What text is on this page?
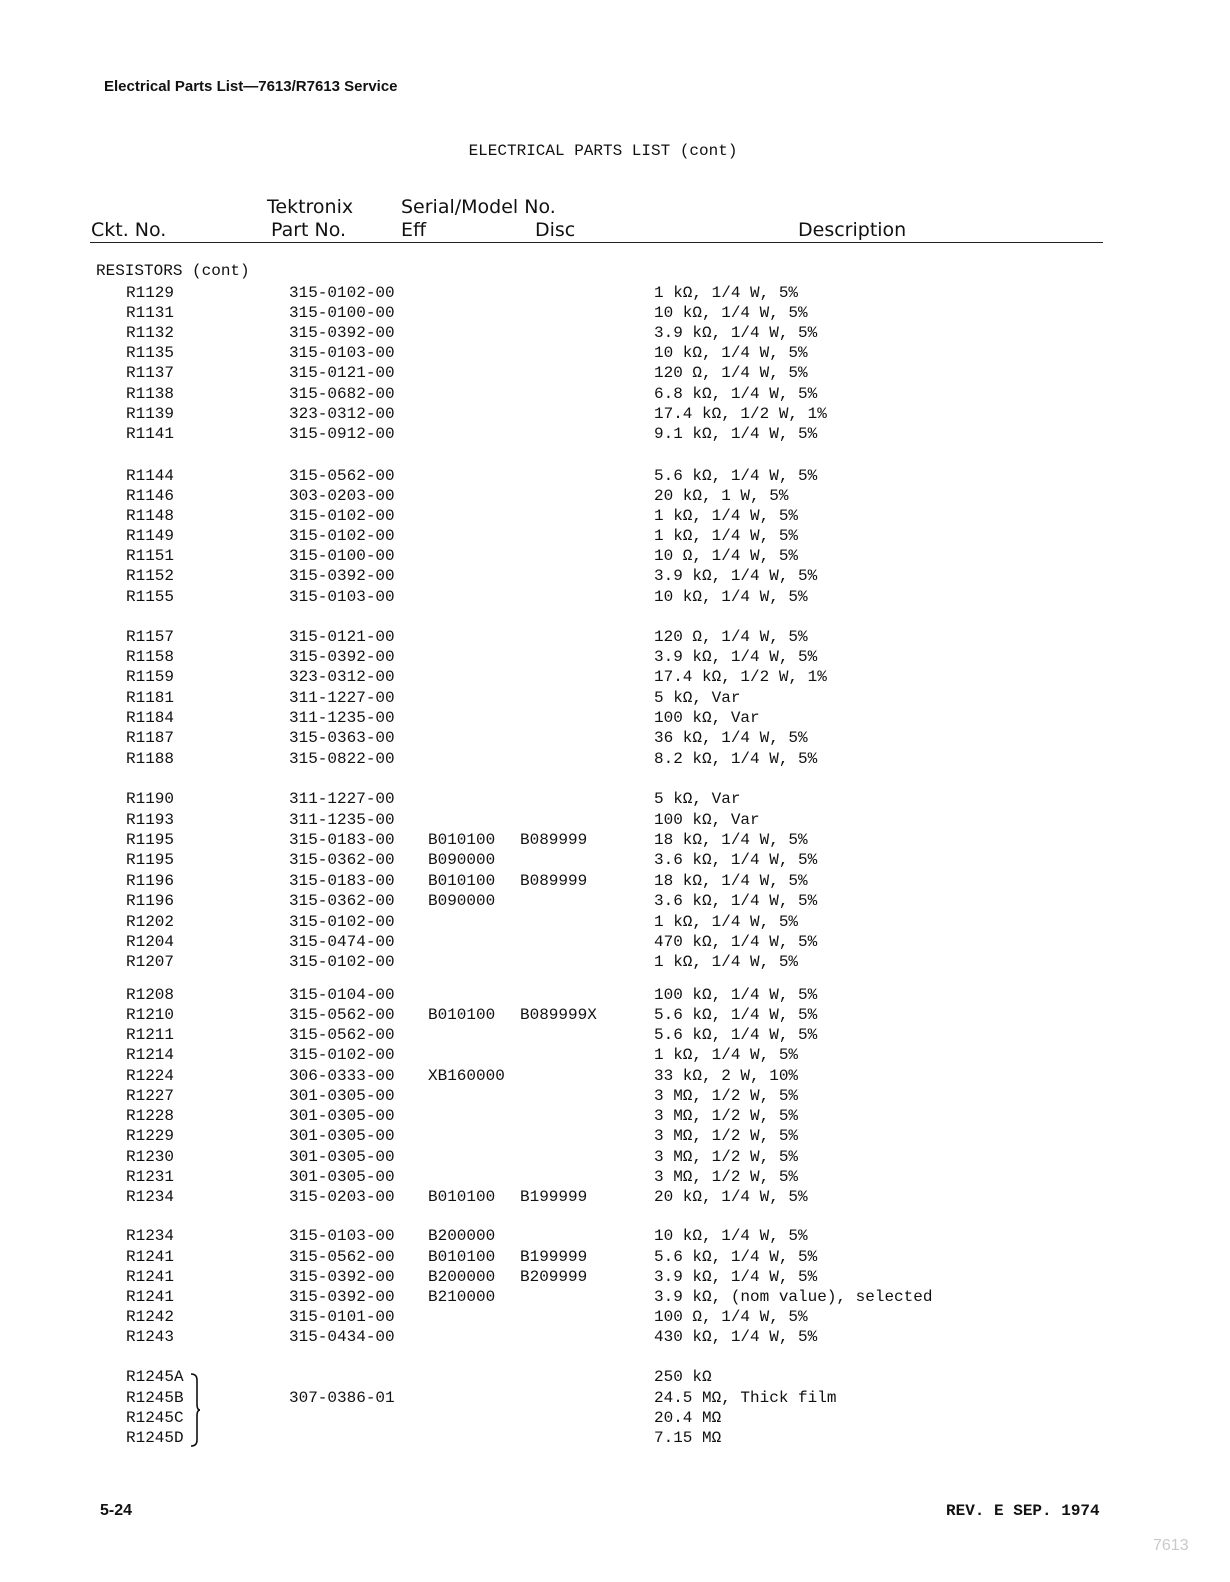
Electrical Parts List—7613/R7613 Service
ELECTRICAL PARTS LIST (cont)
Ckt. No.
Tektronix
Part No.
Serial/Model No.
Eff	Disc	Description
RESISTORS (cont)
R1129	315-0102-00	1 kΩ, 1/4 W, 5%
R1131	315-0100-00	10 kΩ, 1/4 W, 5%
R1132	315-0392-00	3.9 kΩ, 1/4 W, 5%
R1135	315-0103-00	10 kΩ, 1/4 W, 5%
R1137	315-0121-00	120 Ω, 1/4 W, 5%
R1138	315-0682-00	6.8 kΩ, 1/4 W, 5%
R1139	323-0312-00	17.4 kΩ, 1/2 W, 1%
R1141	315-0912-00	9.1 kΩ, 1/4 W, 5%
R1144	315-0562-00	5.6 kΩ, 1/4 W, 5%
R1146	303-0203-00	20 kΩ, 1 W, 5%
R1148	315-0102-00	1 kΩ, 1/4 W, 5%
R1149	315-0102-00	1 kΩ, 1/4 W, 5%
R1151	315-0100-00	10 Ω, 1/4 W, 5%
R1152	315-0392-00	3.9 kΩ, 1/4 W, 5%
R1155	315-0103-00	10 kΩ, 1/4 W, 5%
R1157	315-0121-00	120 Ω, 1/4 W, 5%
R1158	315-0392-00	3.9 kΩ, 1/4 W, 5%
R1159	323-0312-00	17.4 kΩ, 1/2 W, 1%
R1181	311-1227-00	5 kΩ, Var
R1184	311-1235-00	100 kΩ, Var
R1187	315-0363-00	36 kΩ, 1/4 W, 5%
R1188	315-0822-00	8.2 kΩ, 1/4 W, 5%
R1190	311-1227-00	5 kΩ, Var
R1193	311-1235-00	100 kΩ, Var
R1195	315-0183-00 B010100 B089999	18 kΩ, 1/4 W, 5%
R1195	315-0362-00 B090000	3.6 kΩ, 1/4 W, 5%
R1196	315-0183-00 B010100 B089999	18 kΩ, 1/4 W, 5%
R1196	315-0362-00 B090000	3.6 kΩ, 1/4 W, 5%
R1202	315-0102-00	1 kΩ, 1/4 W, 5%
R1204	315-0474-00	470 kΩ, 1/4 W, 5%
R1207	315-0102-00	1 kΩ, 1/4 W, 5%
R1208	315-0104-00	100 kΩ, 1/4 W, 5%
R1210	315-0562-00 B010100 B089999X	5.6 kΩ, 1/4 W, 5%
R1211	315-0562-00	5.6 kΩ, 1/4 W, 5%
R1214	315-0102-00	1 kΩ, 1/4 W, 5%
R1224	306-0333-00 XB160000	33 kΩ, 2 W, 10%
R1227	301-0305-00	3 MΩ, 1/2 W, 5%
R1228	301-0305-00	3 MΩ, 1/2 W, 5%
R1229	301-0305-00	3 MΩ, 1/2 W, 5%
R1230	301-0305-00	3 MΩ, 1/2 W, 5%
R1231	301-0305-00	3 MΩ, 1/2 W, 5%
R1234	315-0203-00 B010100 B199999	20 kΩ, 1/4 W, 5%
R1234	315-0103-00 B200000	10 kΩ, 1/4 W, 5%
R1241	315-0562-00 B010100 B199999	5.6 kΩ, 1/4 W, 5%
R1241	315-0392-00 B200000 B209999	3.9 kΩ, 1/4 W, 5%
R1241	315-0392-00 B210000	3.9 kΩ, (nom value), selected
R1242	315-0101-00	100 Ω, 1/4 W, 5%
R1243	315-0434-00	430 kΩ, 1/4 W, 5%
R1245A	250 kΩ
R1245B	307-0386-01	24.5 MΩ, Thick film
R1245C	20.4 MΩ
R1245D	7.15 MΩ
5-24	REV. E SEP. 1974
7613
